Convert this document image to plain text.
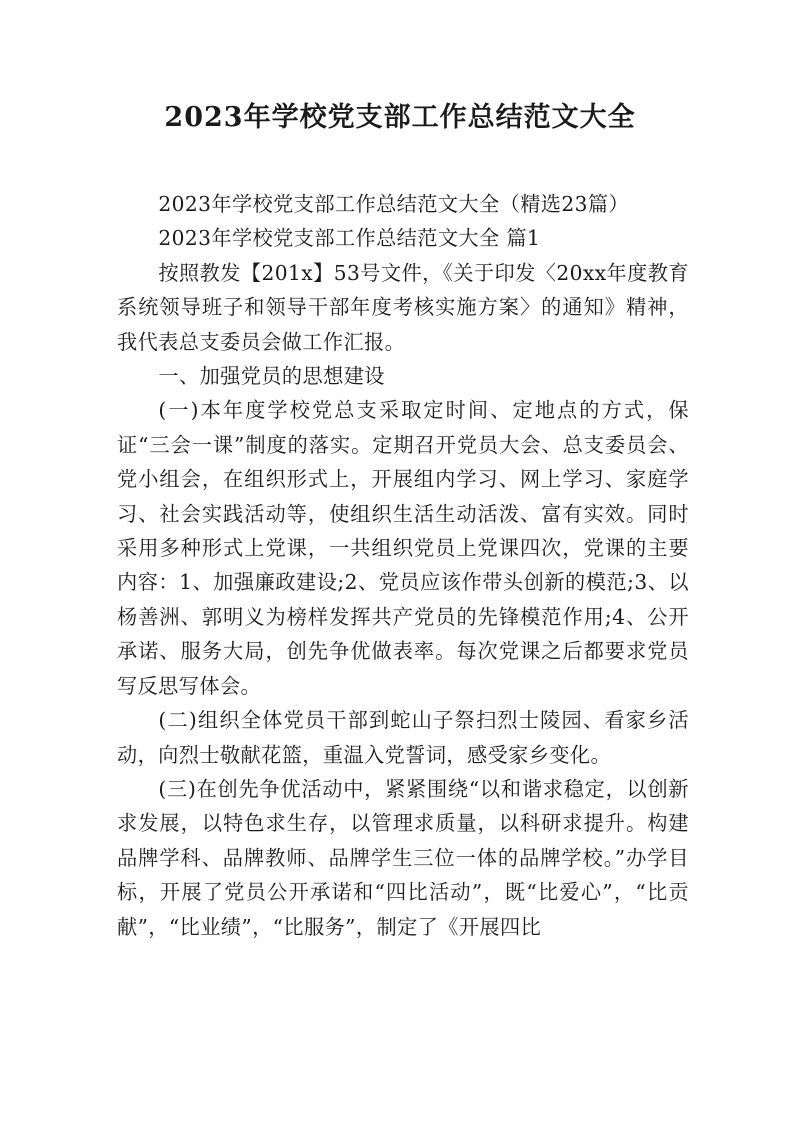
2023年学校党支部工作总结范文大全

2023年学校党支部工作总结范文大全（精选23篇）

2023年学校党支部工作总结范文大全 篇1

按照教发【201x】53号文件，《关于印发〈20xx年度教育系统领导班子和领导干部年度考核实施方案〉的通知》精神，我代表总支委员会做工作汇报。

一、加强党员的思想建设

(一)本年度学校党总支采取定时间、定地点的方式，保证“三会一课”制度的落实。定期召开党员大会、总支委员会、党小组会，在组织形式上，开展组内学习、网上学习、家庭学习、社会实践活动等，使组织生活生动活泼、富有实效。同时采用多种形式上党课，一共组织党员上党课四次，党课的主要内容：1、加强廉政建设;2、党员应该作带头创新的模范;3、以杨善洲、郭明义为榜样发挥共产党员的先锋模范作用;4、公开承诺、服务大局，创先争优做表率。每次党课之后都要求党员写反思写体会。

(二)组织全体党员干部到蛇山子祭扫烈士陵园、看家乡活动，向烈士敬献花篮，重温入党誓词，感受家乡变化。

(三)在创先争优活动中，紧紧围绕“以和谐求稳定，以创新求发展，以特色求生存，以管理求质量，以科研求提升。构建品牌学科、品牌教师、品牌学生三位一体的品牌学校。”办学目标，开展了党员公开承诺和“四比活动”，既“比爱心”，“比贡献”，“比业绩”，“比服务”，制定了《开展四比
